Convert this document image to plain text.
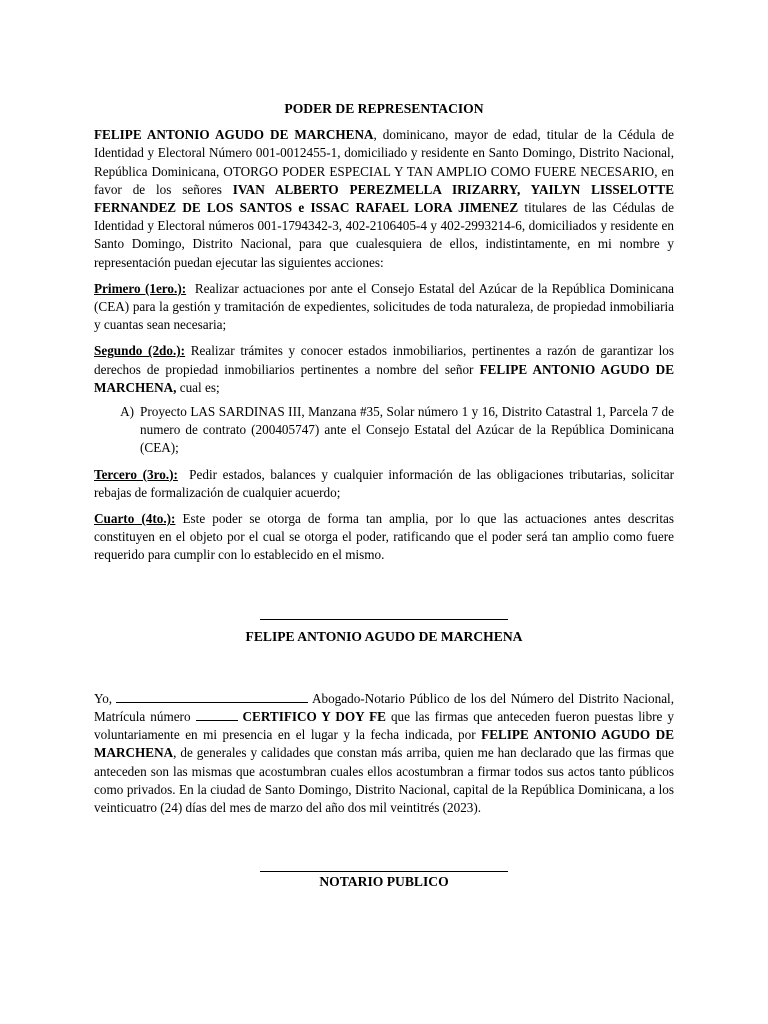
PODER DE REPRESENTACION

FELIPE ANTONIO AGUDO DE MARCHENA, dominicano, mayor de edad, titular de la Cédula de Identidad y Electoral Número 001-0012455-1, domiciliado y residente en Santo Domingo, Distrito Nacional, República Dominicana, OTORGO PODER ESPECIAL Y TAN AMPLIO COMO FUERE NECESARIO, en favor de los señores IVAN ALBERTO PEREZMELLA IRIZARRY, YAILYN LISSELOTTE FERNANDEZ DE LOS SANTOS e ISSAC RAFAEL LORA JIMENEZ titulares de las Cédulas de Identidad y Electoral números 001-1794342-3, 402-2106405-4 y 402-2993214-6, domiciliados y residente en Santo Domingo, Distrito Nacional, para que cualesquiera de ellos, indistintamente, en mi nombre y representación puedan ejecutar las siguientes acciones:

Primero (1ero.):  Realizar actuaciones por ante el Consejo Estatal del Azúcar de la República Dominicana (CEA) para la gestión y tramitación de expedientes, solicitudes de toda naturaleza, de propiedad inmobiliaria y cuantas sean necesaria;

Segundo (2do.): Realizar trámites y conocer estados inmobiliarios, pertinentes a razón de garantizar los derechos de propiedad inmobiliarios pertinentes a nombre del señor FELIPE ANTONIO AGUDO DE MARCHENA, cual es;

A) Proyecto LAS SARDINAS III, Manzana #35, Solar número 1 y 16, Distrito Catastral 1, Parcela 7 de numero de contrato (200405747) ante el Consejo Estatal del Azúcar de la República Dominicana (CEA);

Tercero (3ro.):  Pedir estados, balances y cualquier información de las obligaciones tributarias, solicitar rebajas de formalización de cualquier acuerdo;

Cuarto (4to.): Este poder se otorga de forma tan amplia, por lo que las actuaciones antes descritas constituyen en el objeto por el cual se otorga el poder, ratificando que el poder será tan amplio como fuere requerido para cumplir con lo establecido en el mismo.

FELIPE ANTONIO AGUDO DE MARCHENA

Yo,	Abogado-Notario Público de los del Número del Distrito Nacional, Matrícula número	CERTIFICO Y DOY FE que las firmas que anteceden fueron puestas libre y voluntariamente en mi presencia en el lugar y la fecha indicada, por FELIPE ANTONIO AGUDO DE MARCHENA, de generales y calidades que constan más arriba, quien me han declarado que las firmas que anteceden son las mismas que acostumbran cuales ellos acostumbran a firmar todos sus actos tanto públicos como privados. En la ciudad de Santo Domingo, Distrito Nacional, capital de la República Dominicana, a los veinticuatro (24) días del mes de marzo del año dos mil veintitrés (2023).

NOTARIO PUBLICO
